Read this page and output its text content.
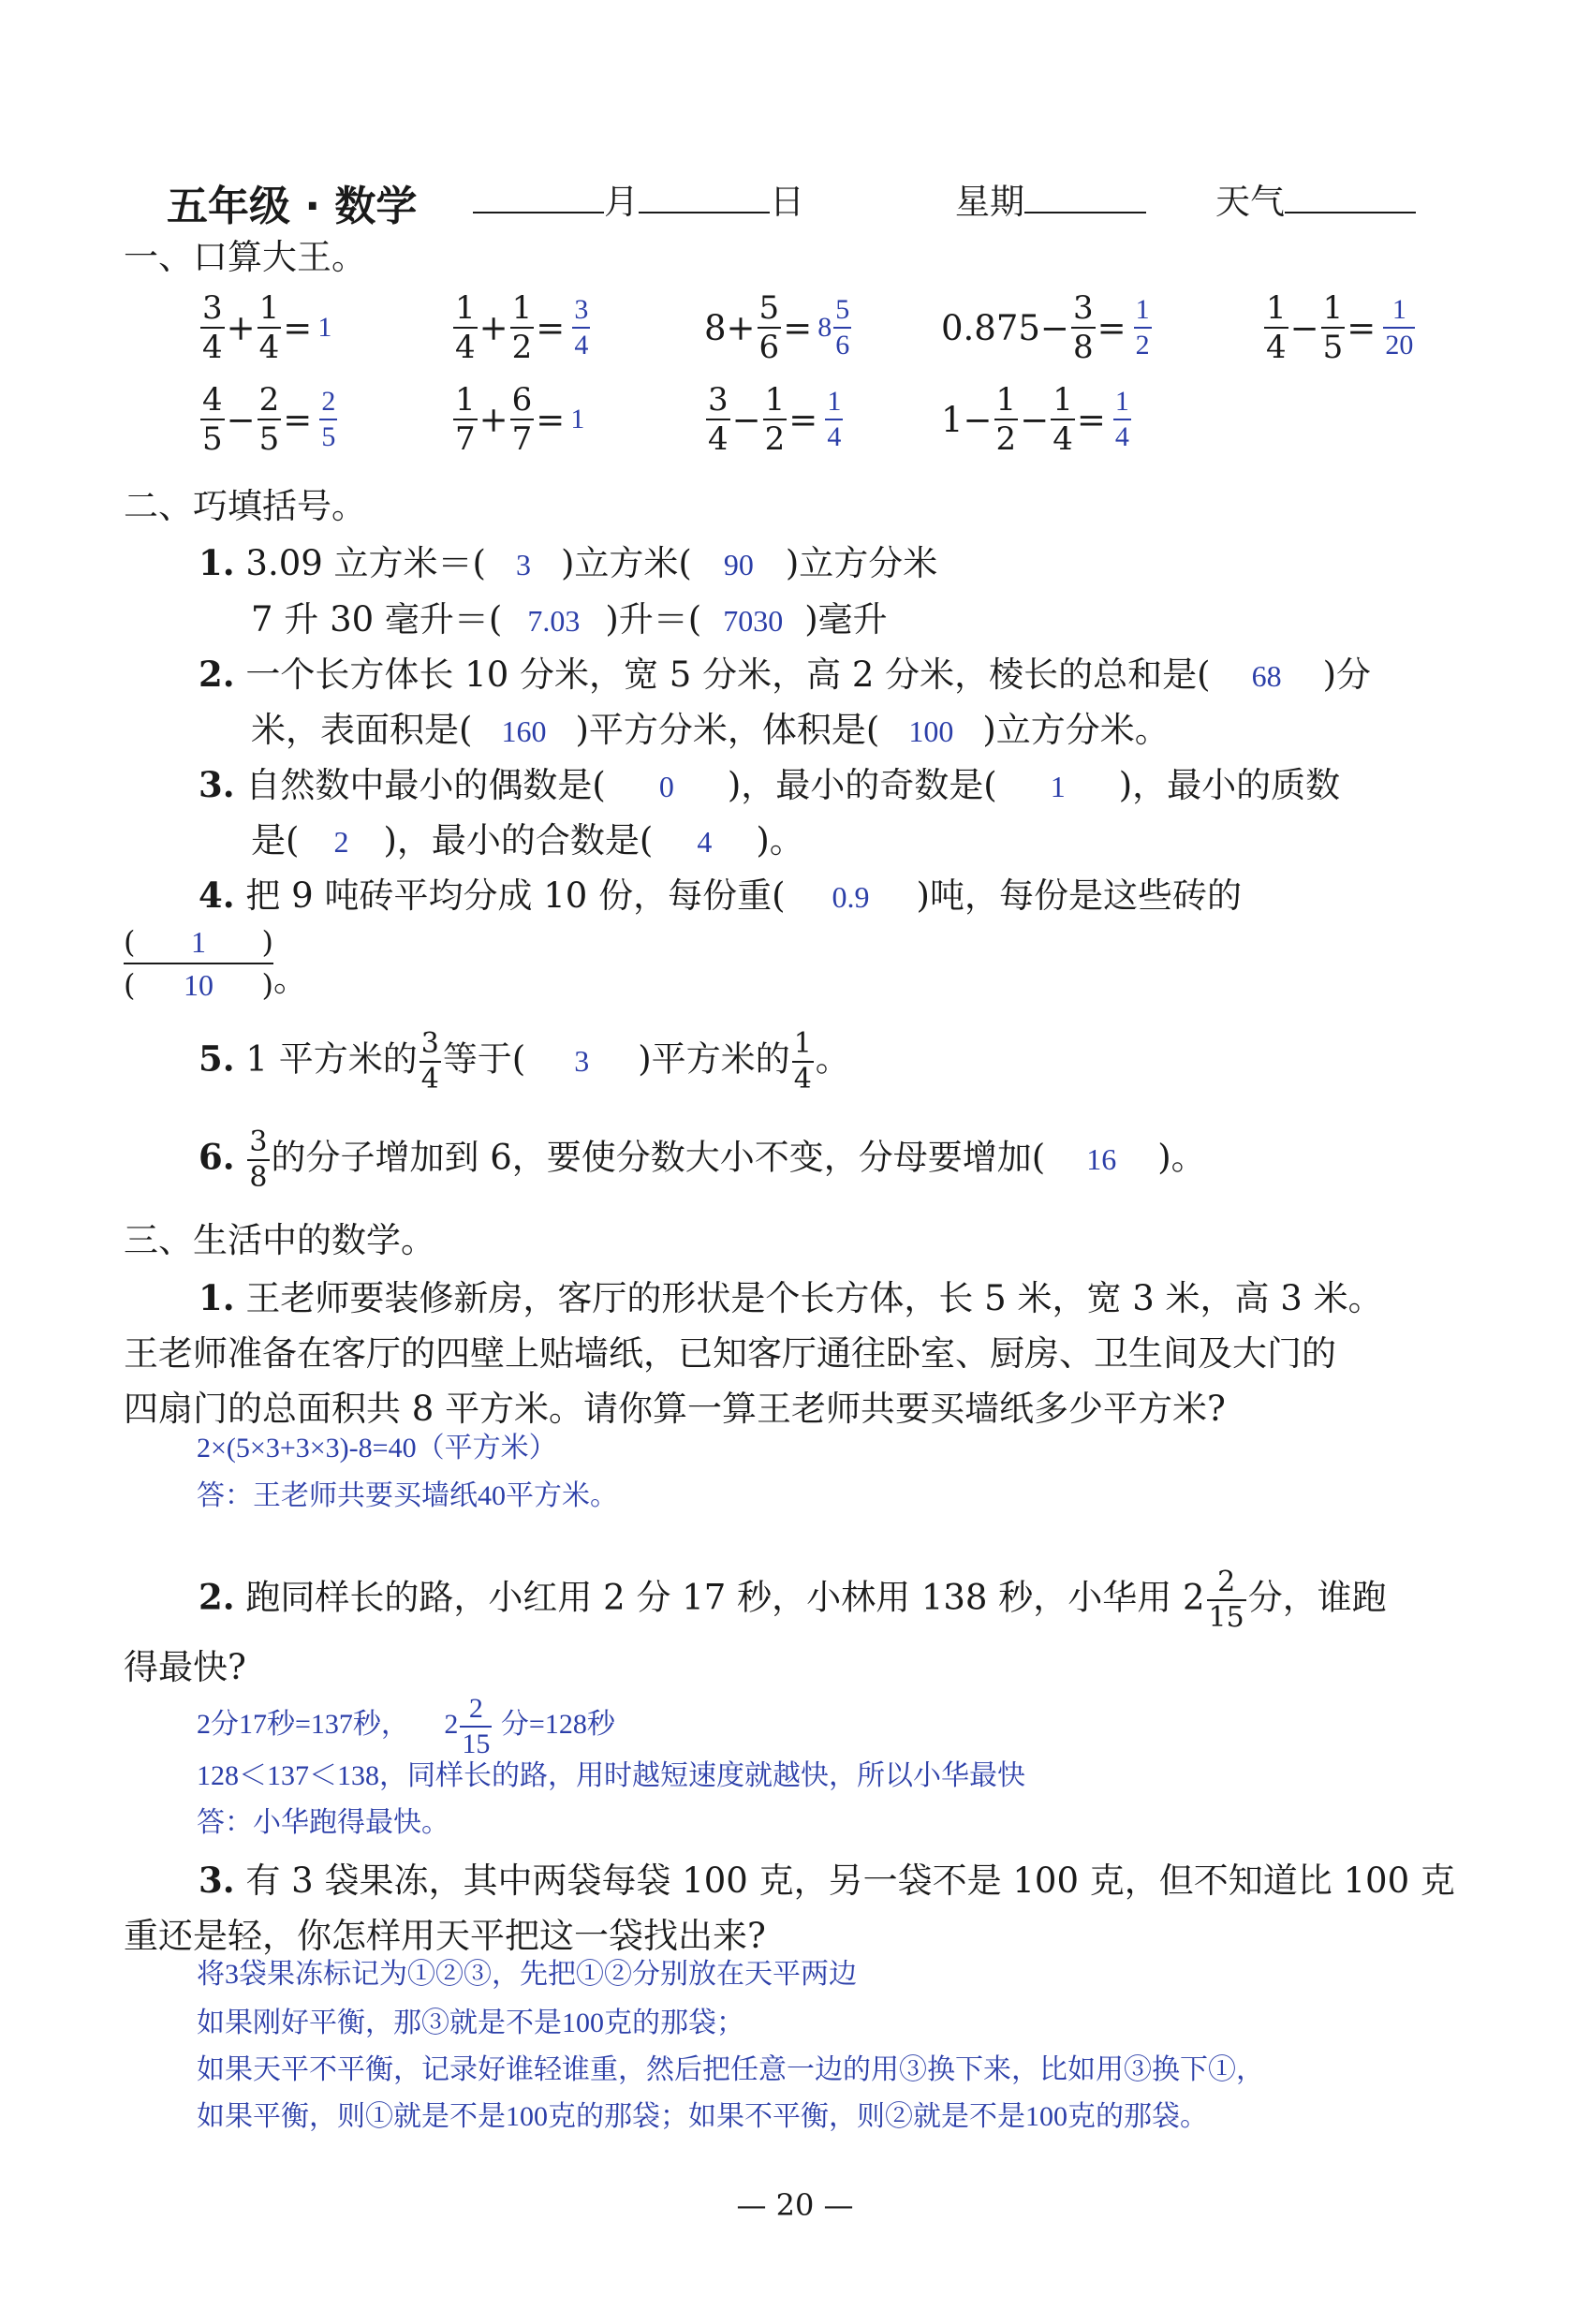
五年级 · 数学	月	日	星期	天气
一、口算大王。
$\frac{3}{4} + \frac{1}{4} = 1$	$\frac{1}{4} + \frac{1}{2} = \frac{3}{4}$	$8+ \frac{5}{6} = 8 \frac{5}{6}$	$0.875- \frac{3}{8} = \frac{1}{2}$	$\frac{1}{4} - \frac{1}{5} = \frac{1}{20}$
$\frac{4}{5} - \frac{2}{5} = \frac{2}{5}$	$\frac{1}{7} + \frac{6}{7} = 1$	$\frac{3}{4} - \frac{1}{2} = \frac{1}{4}$	$1- \frac{1}{2} - \frac{1}{4} = \frac{1}{4}$
二、巧填括号。
1. 3.09 立方米＝( 3 )立方米( 90 )立方分米
7 升 30 毫升＝( 7.03 )升＝( 7030 )毫升
2. 一个长方体长 10 分米，宽 5 分米，高 2 分米，棱长的总和是( 68 )分
米，表面积是( 160 )平方分米，体积是( 100 )立方分米。
3. 自然数中最小的偶数是( 0 )，最小的奇数是( 1 )，最小的质数
是( 2 )，最小的合数是( 4 )。
4. 把 9 吨砖平均分成 10 份，每份重( 0.9 )吨，每份是这些砖的
( 1 )
( 10 ) 。
5. 1 平方米的 $\frac{3}{4}$ 等于( 3 )平方米的 $\frac{1}{4}$ 。
6. $\frac{3}{8}$ 的分子增加到 6，要使分数大小不变，分母要增加( 16 )。
三、生活中的数学。
1. 王老师要装修新房，客厅的形状是个长方体，长 5 米，宽 3 米，高 3 米。
王老师准备在客厅的四壁上贴墙纸，已知客厅通往卧室、厨房、卫生间及大门的
四扇门的总面积共 8 平方米。请你算一算王老师共要买墙纸多少平方米?
2×(5×3+3×3)-8=40（平方米）
答：王老师共要买墙纸40平方米。
2. 跑同样长的路，小红用 2 分 17 秒，小林用 138 秒，小华用 $2 \frac{2}{15}$ 分，谁跑
得最快?
2分17秒=137秒， $2 \frac{2}{15}$ 分=128秒
128＜137＜138，同样长的路，用时越短速度就越快，所以小华最快
答：小华跑得最快。
3. 有 3 袋果冻，其中两袋每袋 100 克，另一袋不是 100 克，但不知道比 100 克
重还是轻，你怎样用天平把这一袋找出来?
将3袋果冻标记为①②③，先把①②分别放在天平两边
如果刚好平衡，那③就是不是100克的那袋；
如果天平不平衡，记录好谁轻谁重，然后把任意一边的用③换下来，比如用③换下①，
如果平衡，则①就是不是100克的那袋；如果不平衡，则②就是不是100克的那袋。
— 20 —
